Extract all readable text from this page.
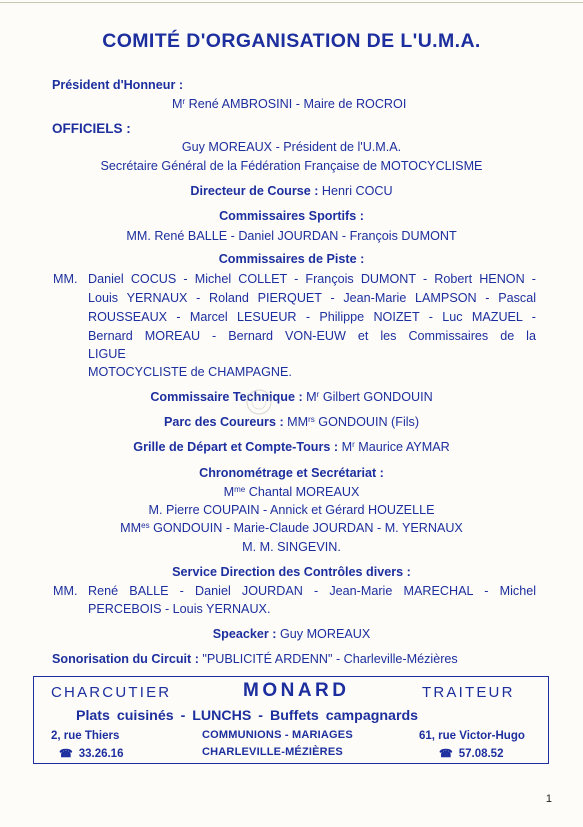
COMITÉ D'ORGANISATION DE L'U.M.A.
Président d'Honneur :
$M^r$ René AMBROSINI - Maire de ROCROI
OFFICIELS :
Guy MOREAUX - Président de l'U.M.A.
Secrétaire Général de la Fédération Française de MOTOCYCLISME
Directeur de Course : Henri COCU
Commissaires Sportifs :
MM. René BALLE - Daniel JOURDAN - François DUMONT
Commissaires de Piste :
MM. Daniel COCUS - Michel COLLET - François DUMONT - Robert HENON -
Louis YERNAUX - Roland PIERQUET - Jean-Marie LAMPSON - Pascal
ROUSSEAUX - Marcel LESUEUR - Philippe NOIZET - Luc MAZUEL -
Bernard MOREAU - Bernard VON-EUW et les Commissaires de la
LIGUE
MOTOCYCLISTE de CHAMPAGNE.
Commissaire Technique : $M^r$ Gilbert GONDOUIN
Parc des Coureurs : $MM^{rs}$ GONDOUIN (Fils)
Grille de Départ et Compte-Tours : $M^r$ Maurice AYMAR
Chronométrage et Secrétariat :
$M^{me}$ Chantal MOREAUX
M. Pierre COUPAIN - Annick et Gérard HOUZELLE
$MM^{es}$ GONDOUIN - Marie-Claude JOURDAN - M. YERNAUX
M. M. SINGEVIN.
Service Direction des Contrôles divers :
MM. René BALLE - Daniel JOURDAN - Jean-Marie MARECHAL - Michel
PERCEBOIS - Louis YERNAUX.
Speacker : Guy MOREAUX
Sonorisation du Circuit : "PUBLICITÉ ARDENN" - Charleville-Mézières
CHARCUTIER	MONARD	TRAITEUR
Plats cuisinés - LUNCHS - Buffets campagnards
2, rue Thiers
☎ 33.26.16
COMMUNIONS - MARIAGES
CHARLEVILLE-MÉZIÈRES
61, rue Victor-Hugo
☎ 57.08.52
1
